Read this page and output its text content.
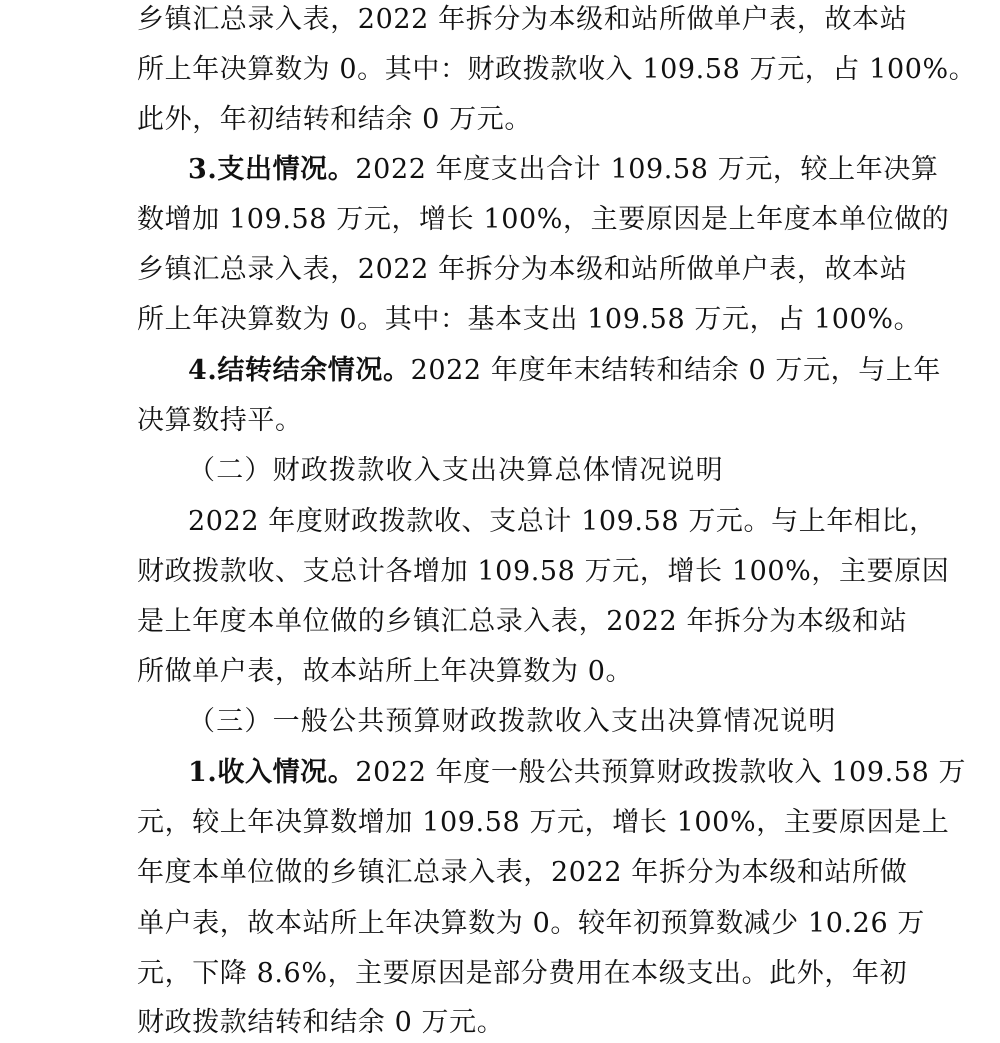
乡镇汇总录入表，2022 年拆分为本级和站所做单户表，故本站
所上年决算数为 0。其中：财政拨款收入 109.58 万元，占 100%。
此外，年初结转和结余 0 万元。
3.支出情况。2022 年度支出合计 109.58 万元，较上年决算
数增加 109.58 万元，增长 100%，主要原因是上年度本单位做的
乡镇汇总录入表，2022 年拆分为本级和站所做单户表，故本站
所上年决算数为 0。其中：基本支出 109.58 万元，占 100%。
4.结转结余情况。2022 年度年末结转和结余 0 万元，与上年
决算数持平。
（二）财政拨款收入支出决算总体情况说明
2022 年度财政拨款收、支总计 109.58 万元。与上年相比，
财政拨款收、支总计各增加 109.58 万元，增长 100%，主要原因
是上年度本单位做的乡镇汇总录入表，2022 年拆分为本级和站
所做单户表，故本站所上年决算数为 0。
（三）一般公共预算财政拨款收入支出决算情况说明
1.收入情况。2022 年度一般公共预算财政拨款收入 109.58 万
元，较上年决算数增加 109.58 万元，增长 100%，主要原因是上
年度本单位做的乡镇汇总录入表，2022 年拆分为本级和站所做
单户表，故本站所上年决算数为 0。较年初预算数减少 10.26 万
元，下降 8.6%，主要原因是部分费用在本级支出。此外，年初
财政拨款结转和结余 0 万元。
